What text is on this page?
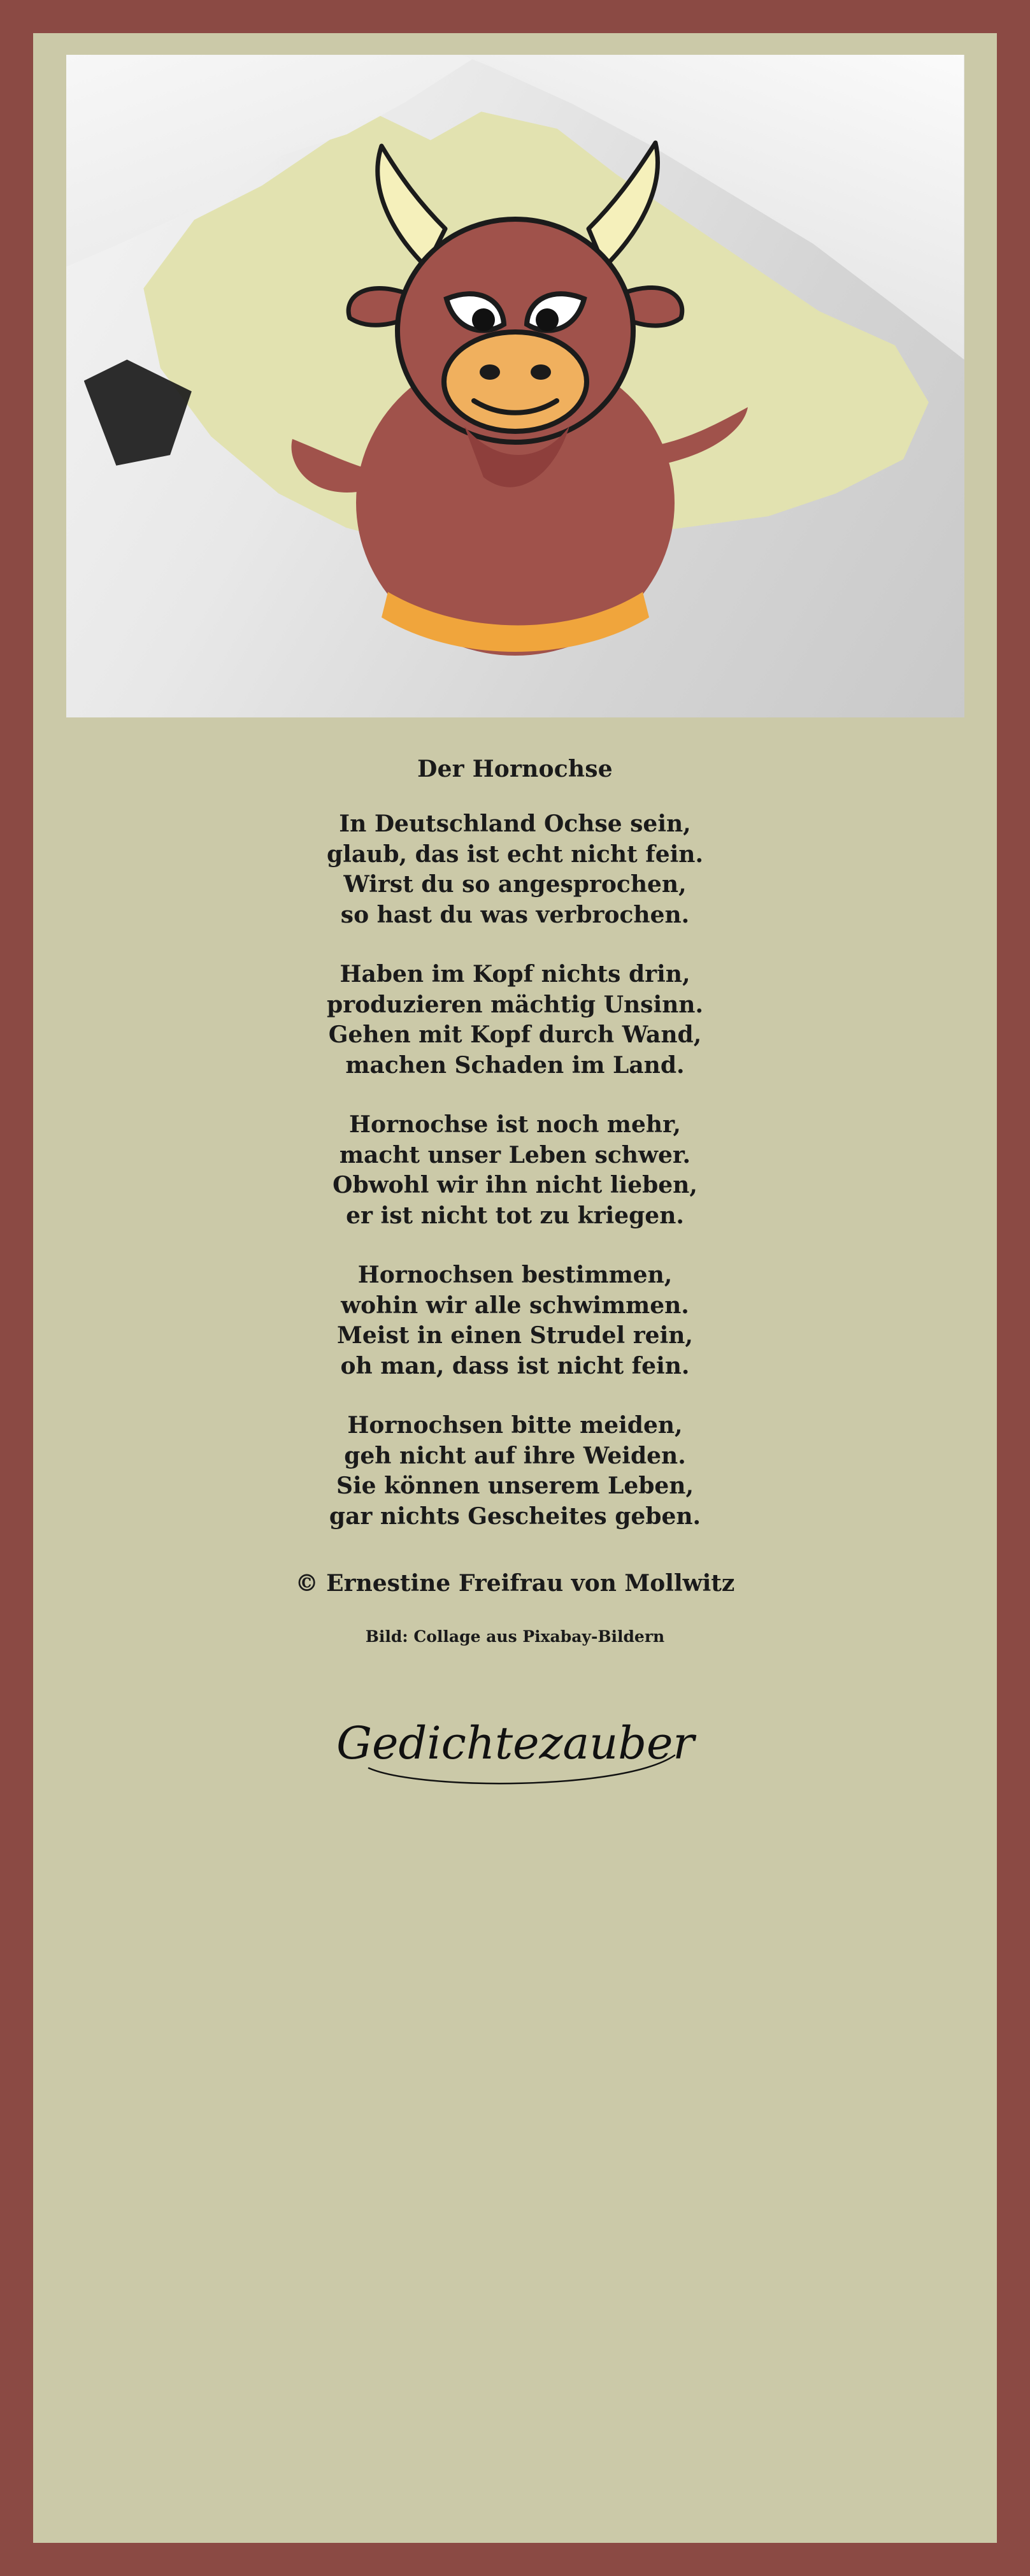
Der Hornochse
In Deutschland Ochse sein,
glaub, das ist echt nicht fein.
Wirst du so angesprochen,
so hast du was verbrochen.
Haben im Kopf nichts drin,
produzieren mächtig Unsinn.
Gehen mit Kopf durch Wand,
machen Schaden im Land.
Hornochse ist noch mehr,
macht unser Leben schwer.
Obwohl wir ihn nicht lieben,
er ist nicht tot zu kriegen.
Hornochsen bestimmen,
wohin wir alle schwimmen.
Meist in einen Strudel rein,
oh man, dass ist nicht fein.
Hornochsen bitte meiden,
geh nicht auf ihre Weiden.
Sie können unserem Leben,
gar nichts Gescheites geben.
© Ernestine Freifrau von Mollwitz
Bild: Collage aus Pixabay-Bildern
Gedichtezauber
